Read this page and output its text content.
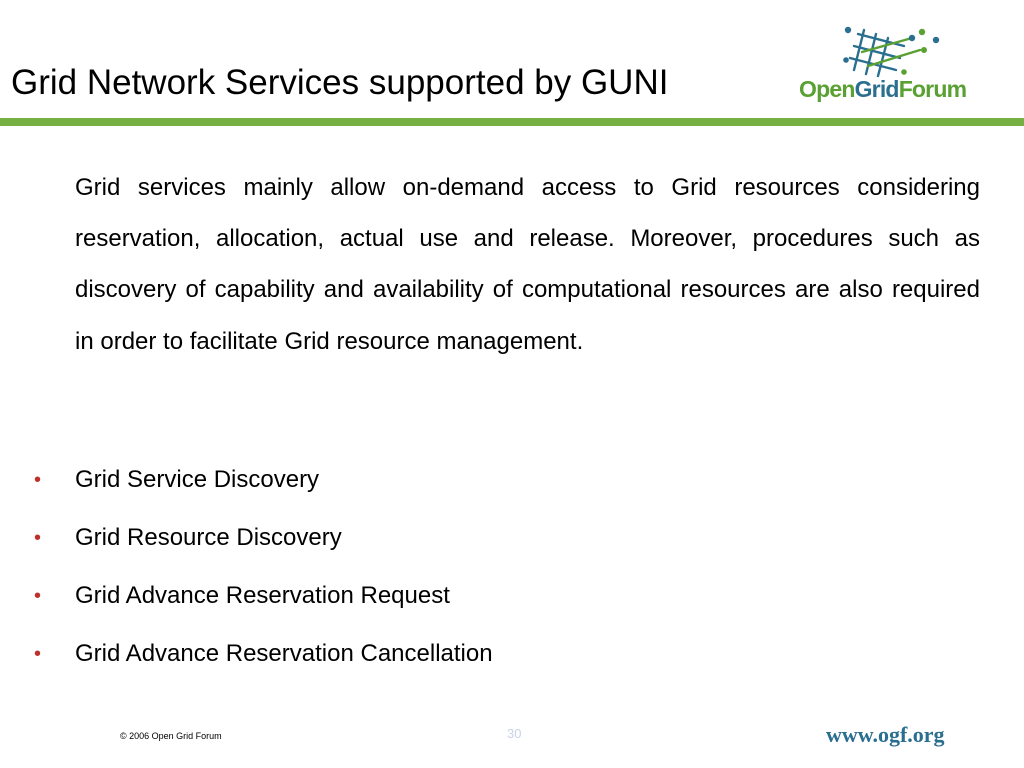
Grid Network Services supported by GUNI	OpenGridForum

Grid services mainly allow on-demand access to Grid resources considering reservation, allocation, actual use and release. Moreover, procedures such as discovery of capability and availability of computational resources are also required in order to facilitate Grid resource management.

• Grid Service Discovery
• Grid Resource Discovery
• Grid Advance Reservation Request
• Grid Advance Reservation Cancellation
© 2006 Open Grid Forum	30	www.ogf.org
